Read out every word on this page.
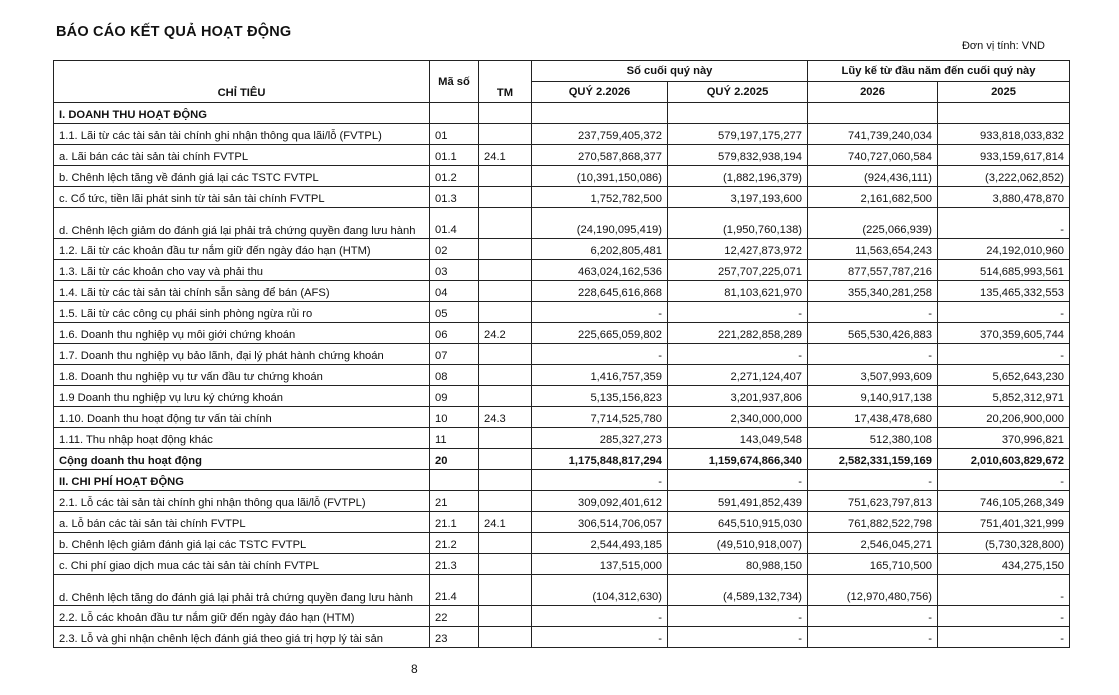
BÁO CÁO KẾT QUẢ HOẠT ĐỘNG
Đơn vị tính: VND
CHỈ TIÊU	Mã số	TM	Số cuối quý này		Lũy kế từ đầu năm đến cuối quý này	
			QUÝ 2.2026	QUÝ 2.2025	2026	2025
I. DOANH THU HOẠT ĐỘNG						
1.1. Lãi từ các tài sản tài chính ghi nhận thông qua lãi/lỗ (FVTPL)	01		237,759,405,372	579,197,175,277	741,739,240,034	933,818,033,832
a. Lãi bán các tài sản tài chính FVTPL	01.1	24.1	270,587,868,377	579,832,938,194	740,727,060,584	933,159,617,814
b. Chênh lệch tăng về đánh giá lại các TSTC FVTPL	01.2		(10,391,150,086)	(1,882,196,379)	(924,436,111)	(3,222,062,852)
c. Cổ tức, tiền lãi phát sinh từ tài sản tài chính FVTPL	01.3		1,752,782,500	3,197,193,600	2,161,682,500	3,880,478,870
d. Chênh lệch giảm do đánh giá lại phải trả chứng quyền đang lưu hành	01.4		(24,190,095,419)	(1,950,760,138)	(225,066,939)	-
1.2. Lãi từ các khoản đầu tư nắm giữ đến ngày đáo hạn (HTM)	02		6,202,805,481	12,427,873,972	11,563,654,243	24,192,010,960
1.3. Lãi từ các khoản cho vay và phải thu	03		463,024,162,536	257,707,225,071	877,557,787,216	514,685,993,561
1.4. Lãi từ các tài sản tài chính sẵn sàng để bán (AFS)	04		228,645,616,868	81,103,621,970	355,340,281,258	135,465,332,553
1.5. Lãi từ các công cụ phái sinh phòng ngừa rủi ro	05		-	-	-	-
1.6. Doanh thu nghiệp vụ môi giới chứng khoán	06	24.2	225,665,059,802	221,282,858,289	565,530,426,883	370,359,605,744
1.7. Doanh thu nghiệp vụ bảo lãnh, đại lý phát hành chứng khoán	07		-	-	-	-
1.8. Doanh thu nghiệp vụ tư vấn đầu tư chứng khoán	08		1,416,757,359	2,271,124,407	3,507,993,609	5,652,643,230
1.9 Doanh thu nghiệp vụ lưu ký chứng khoán	09		5,135,156,823	3,201,937,806	9,140,917,138	5,852,312,971
1.10. Doanh thu hoạt động tư vấn tài chính	10	24.3	7,714,525,780	2,340,000,000	17,438,478,680	20,206,900,000
1.11. Thu nhập hoạt động khác	11		285,327,273	143,049,548	512,380,108	370,996,821
Cộng doanh thu hoạt động	20		1,175,848,817,294	1,159,674,866,340	2,582,331,159,169	2,010,603,829,672
II. CHI PHÍ HOẠT ĐỘNG			-	-	-	-
2.1. Lỗ các tài sản tài chính ghi nhận thông qua lãi/lỗ (FVTPL)	21		309,092,401,612	591,491,852,439	751,623,797,813	746,105,268,349
a. Lỗ bán các tài sản tài chính FVTPL	21.1	24.1	306,514,706,057	645,510,915,030	761,882,522,798	751,401,321,999
b. Chênh lệch giảm đánh giá lại các TSTC FVTPL	21.2		2,544,493,185	(49,510,918,007)	2,546,045,271	(5,730,328,800)
c. Chi phí giao dịch mua các tài sản tài chính FVTPL	21.3		137,515,000	80,988,150	165,710,500	434,275,150
d. Chênh lệch tăng do đánh giá lại phải trả chứng quyền đang lưu hành	21.4		(104,312,630)	(4,589,132,734)	(12,970,480,756)	-
2.2. Lỗ các khoản đầu tư nắm giữ đến ngày đáo hạn (HTM)	22		-	-	-	-
2.3. Lỗ và ghi nhận chênh lệch đánh giá theo giá trị hợp lý tài sản	23		-	-	-	-
8
